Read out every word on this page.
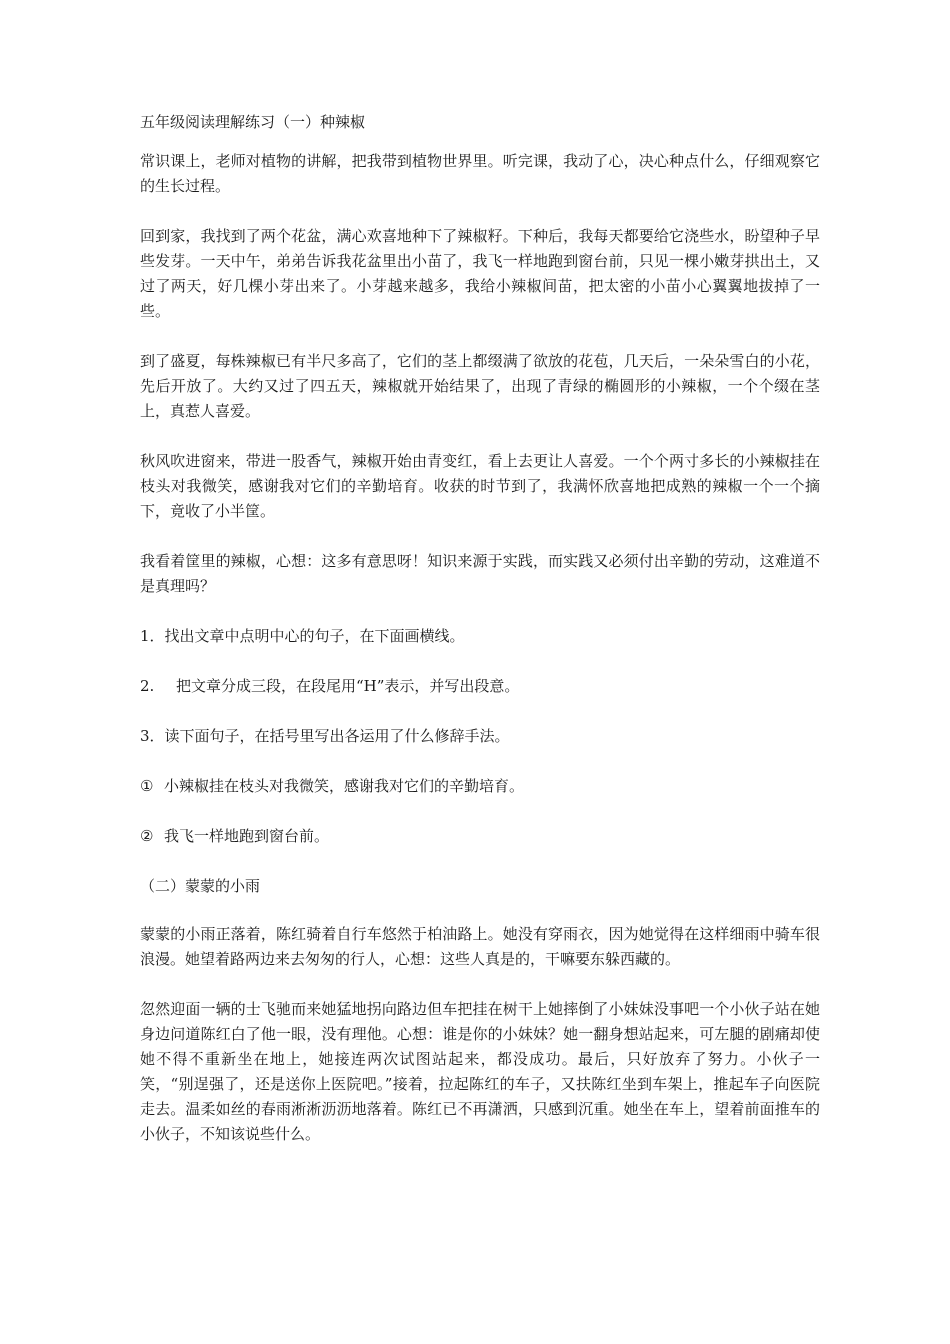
五年级阅读理解练习（一）种辣椒

常识课上，老师对植物的讲解，把我带到植物世界里。听完课，我动了心，决心种点什么，仔细观察它的生长过程。

回到家，我找到了两个花盆，满心欢喜地种下了辣椒籽。下种后，我每天都要给它浇些水，盼望种子早些发芽。一天中午，弟弟告诉我花盆里出小苗了，我飞一样地跑到窗台前，只见一棵小嫩芽拱出土，又过了两天，好几棵小芽出来了。小芽越来越多，我给小辣椒间苗，把太密的小苗小心翼翼地拔掉了一些。

到了盛夏，每株辣椒已有半尺多高了，它们的茎上都缀满了欲放的花苞，几天后，一朵朵雪白的小花，先后开放了。大约又过了四五天，辣椒就开始结果了，出现了青绿的椭圆形的小辣椒，一个个缀在茎上，真惹人喜爱。

秋风吹进窗来，带进一股香气，辣椒开始由青变红，看上去更让人喜爱。一个个两寸多长的小辣椒挂在枝头对我微笑，感谢我对它们的辛勤培育。收获的时节到了，我满怀欣喜地把成熟的辣椒一个一个摘下，竟收了小半筐。

我看着筐里的辣椒，心想：这多有意思呀！知识来源于实践，而实践又必须付出辛勤的劳动，这难道不是真理吗？

1．找出文章中点明中心的句子，在下面画横线。

2. 把文章分成三段，在段尾用“H”表示，并写出段意。

3．读下面句子，在括号里写出各运用了什么修辞手法。

① 小辣椒挂在枝头对我微笑，感谢我对它们的辛勤培育。

② 我飞一样地跑到窗台前。

（二）蒙蒙的小雨

蒙蒙的小雨正落着，陈红骑着自行车悠然于柏油路上。她没有穿雨衣，因为她觉得在这样细雨中骑车很浪漫。她望着路两边来去匆匆的行人，心想：这些人真是的，干嘛要东躲西藏的。

忽然迎面一辆的士飞驰而来她猛地拐向路边但车把挂在树干上她摔倒了小妹妹没事吧一个小伙子站在她身边问道陈红白了他一眼，没有理他。心想：谁是你的小妹妹？她一翻身想站起来，可左腿的剧痛却使她不得不重新坐在地上，她接连两次试图站起来，都没成功。最后，只好放弃了努力。小伙子一笑，“别逞强了，还是送你上医院吧。”接着，拉起陈红的车子，又扶陈红坐到车架上，推起车子向医院走去。温柔如丝的春雨淅淅沥沥地落着。陈红已不再潇洒，只感到沉重。她坐在车上，望着前面推车的小伙子，不知该说些什么。
